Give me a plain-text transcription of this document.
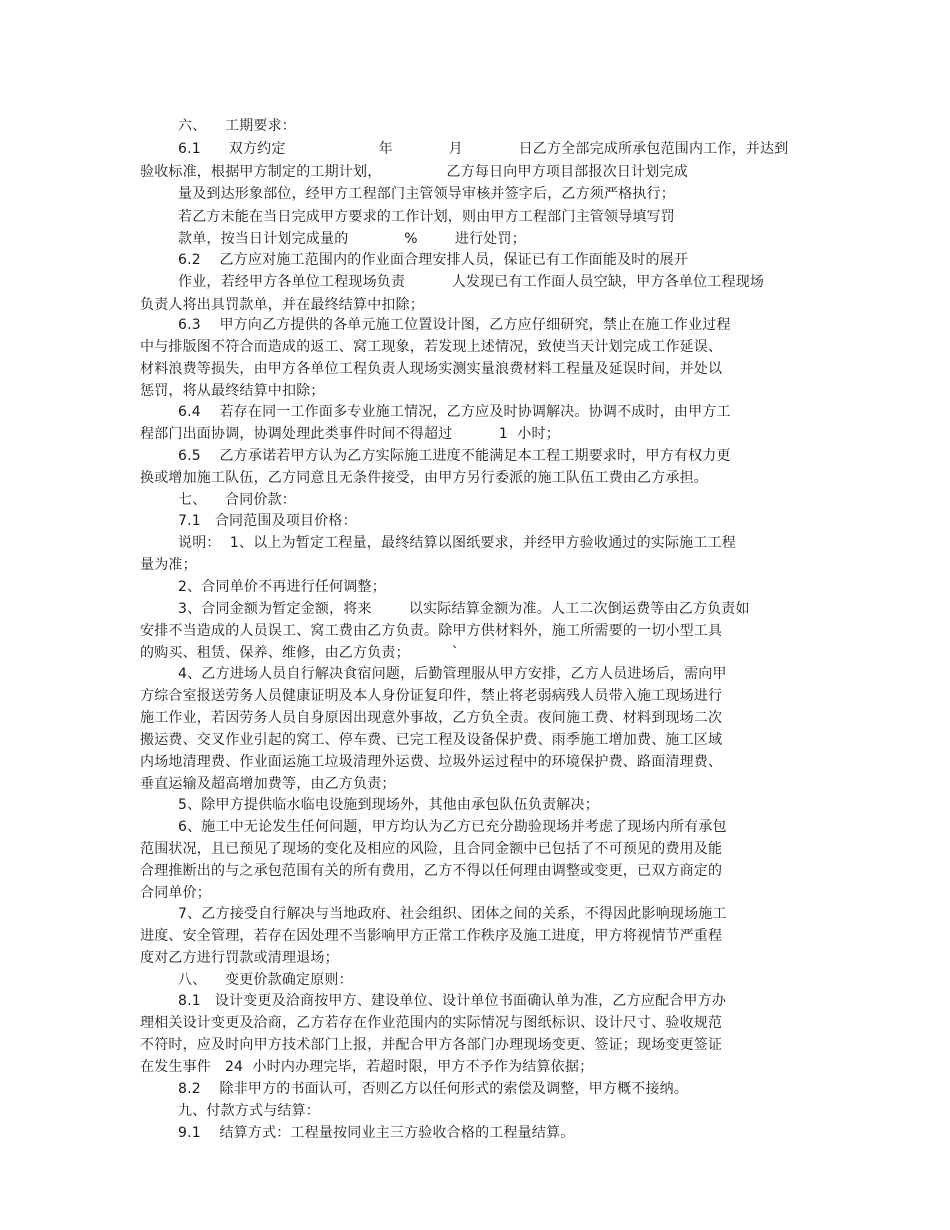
六、    工期要求：
6.1      双方约定                    年            月            日乙方全部完成所承包范围内工作，并达到
验收标准，根据甲方制定的工期计划，              乙方每日向甲方项目部报次日计划完成
量及到达形象部位，经甲方工程部门主管领导审核并签字后，乙方须严格执行；
若乙方未能在当日完成甲方要求的工作计划，则由甲方工程部门主管领导填写罚
款单，按当日计划完成量的            %        进行处罚；
6.2    乙方应对施工范围内的作业面合理安排人员，保证已有工作面能及时的展开
作业，若经甲方各单位工程现场负责          人发现已有工作面人员空缺，甲方各单位工程现场
负责人将出具罚款单，并在最终结算中扣除；
6.3    甲方向乙方提供的各单元施工位置设计图，乙方应仔细研究，禁止在施工作业过程
中与排版图不符合而造成的返工、窝工现象，若发现上述情况，致使当天计划完成工作延误、
材料浪费等损失，由甲方各单位工程负责人现场实测实量浪费材料工程量及延误时间，并处以
惩罚，将从最终结算中扣除；
6.4    若存在同一工作面多专业施工情况，乙方应及时协调解决。协调不成时，由甲方工
程部门出面协调，协调处理此类事件时间不得超过          1  小时；
6.5    乙方承诺若甲方认为乙方实际施工进度不能满足本工程工期要求时，甲方有权力更
换或增加施工队伍，乙方同意且无条件接受，由甲方另行委派的施工队伍工费由乙方承担。
七、    合同价款：
7.1   合同范围及项目价格：
说明：  1、以上为暂定工程量，最终结算以图纸要求，并经甲方验收通过的实际施工工程
量为准；
2、合同单价不再进行任何调整；
3、合同金额为暂定金额，将来        以实际结算金额为准。人工二次倒运费等由乙方负责如
安排不当造成的人员误工、窝工费由乙方负责。除甲方供材料外，施工所需要的一切小型工具
的购买、租赁、保养、维修，由乙方负责；         `
4、乙方进场人员自行解决食宿问题，后勤管理服从甲方安排，乙方人员进场后，需向甲
方综合室报送劳务人员健康证明及本人身份证复印件，禁止将老弱病残人员带入施工现场进行
施工作业，若因劳务人员自身原因出现意外事故，乙方负全责。夜间施工费、材料到现场二次
搬运费、交叉作业引起的窝工、停车费、已完工程及设备保护费、雨季施工增加费、施工区域
内场地清理费、作业面运施工垃圾清理外运费、垃圾外运过程中的环境保护费、路面清理费、
垂直运输及超高增加费等，由乙方负责；
5、除甲方提供临水临电设施到现场外，其他由承包队伍负责解决；
6、施工中无论发生任何问题，甲方均认为乙方已充分勘验现场并考虑了现场内所有承包
范围状况，且已预见了现场的变化及相应的风险，且合同金额中已包括了不可预见的费用及能
合理推断出的与之承包范围有关的所有费用，乙方不得以任何理由调整或变更，已双方商定的
合同单价；
7、乙方接受自行解决与当地政府、社会组织、团体之间的关系，不得因此影响现场施工
进度、安全管理，若存在因处理不当影响甲方正常工作秩序及施工进度，甲方将视情节严重程
度对乙方进行罚款或清理退场；
八、    变更价款确定原则：
8.1   设计变更及洽商按甲方、建设单位、设计单位书面确认单为准，乙方应配合甲方办
理相关设计变更及洽商，乙方若存在作业范围内的实际情况与图纸标识、设计尺寸、验收规范
不符时，应及时向甲方技术部门上报，并配合甲方各部门办理现场变更、签证；现场变更签证
在发生事件   24  小时内办理完毕，若超时限，甲方不予作为结算依据；
8.2    除非甲方的书面认可，否则乙方以任何形式的索偿及调整，甲方概不接纳。
九、付款方式与结算：
9.1    结算方式：工程量按同业主三方验收合格的工程量结算。
